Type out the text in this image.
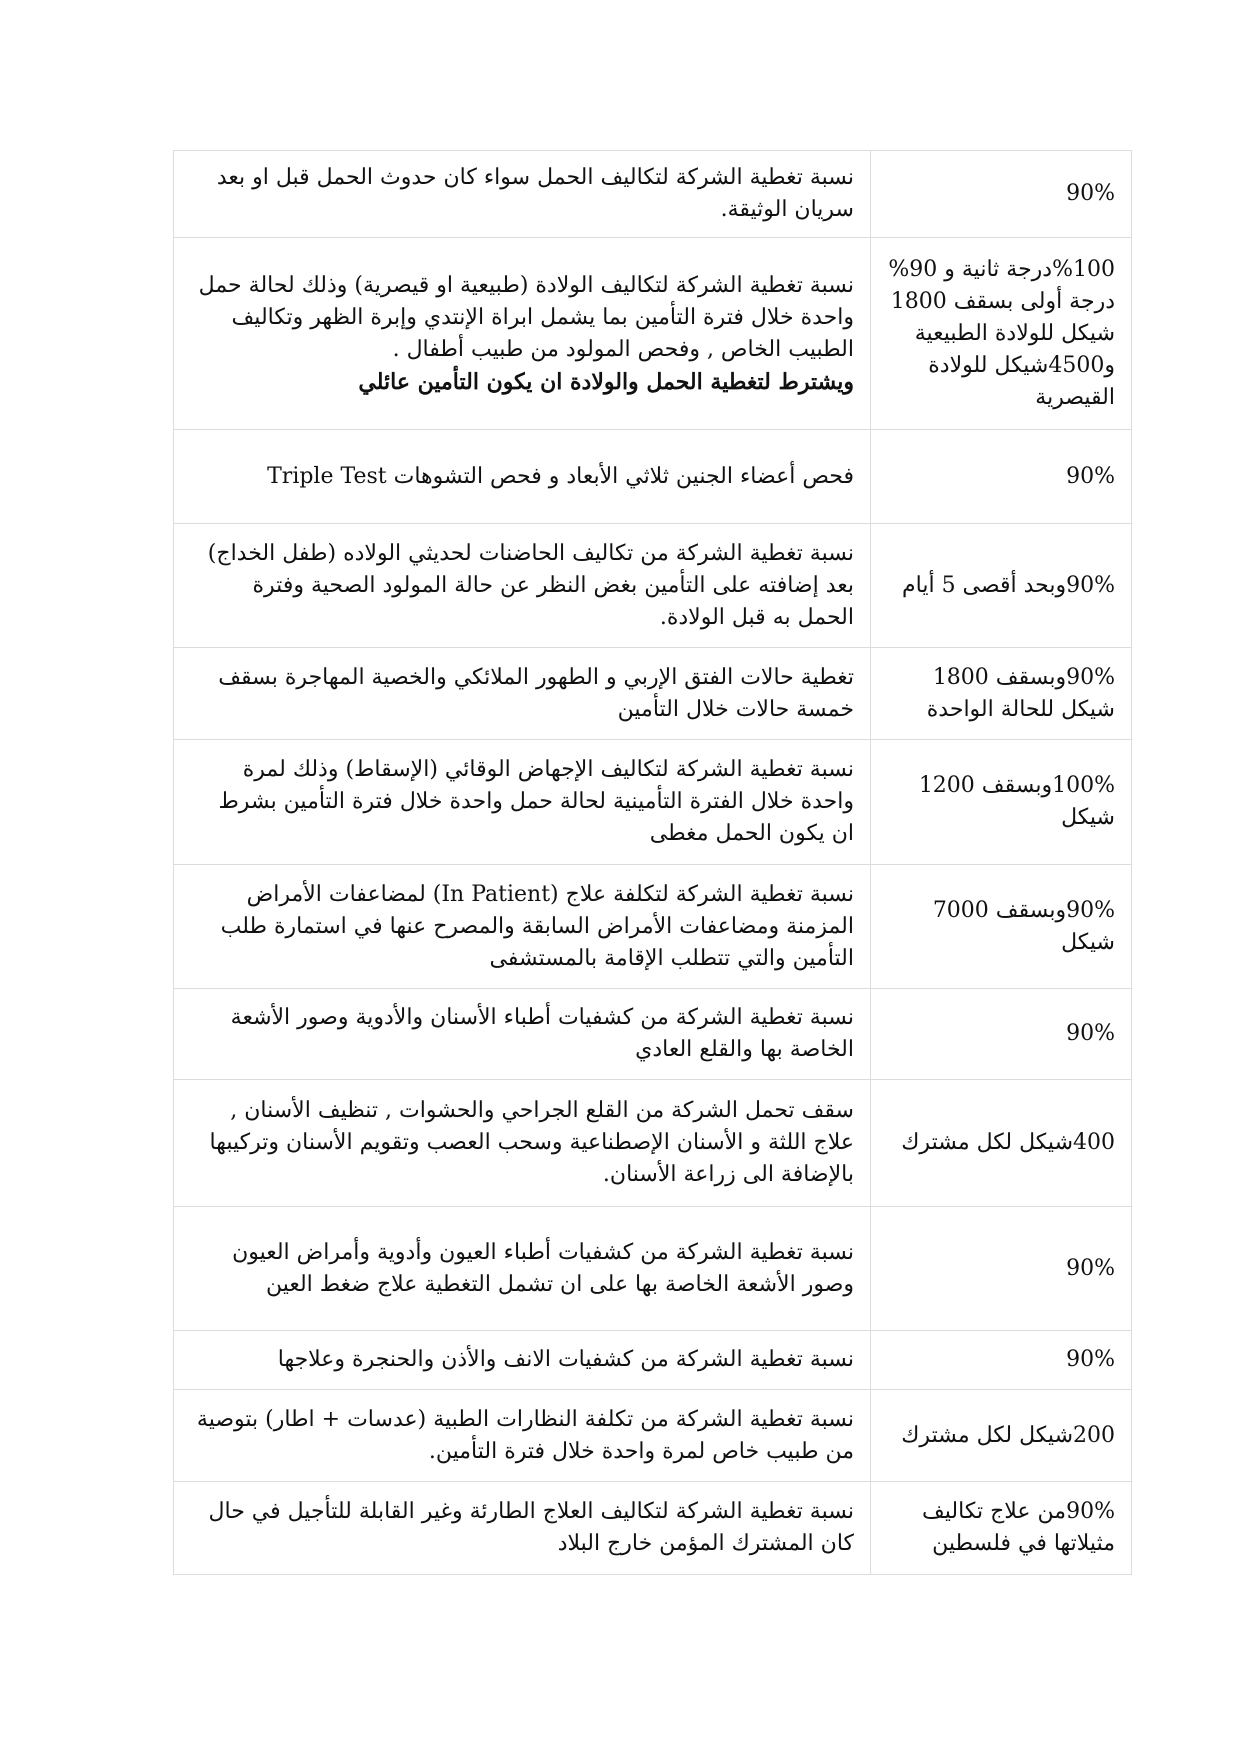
90%	نسبة تغطية الشركة لتكاليف الحمل سواء كان حدوث الحمل قبل او بعد سريان الوثيقة.
%100درجة ثانية و 90% درجة أولى بسقف 1800 شيكل للولادة الطبيعية و4500شيكل للولادة القيصرية	نسبة تغطية الشركة لتكاليف الولادة (طبيعية او قيصرية) وذلك لحالة حمل واحدة خلال فترة التأمين بما يشمل ابراة الإنتدي وإبرة الظهر وتكاليف الطبيب الخاص , وفحص المولود من طبيب أطفال .
ويشترط لتغطية الحمل والولادة ان يكون التأمين عائلي

90%	فحص أعضاء الجنين ثلاثي الأبعاد و فحص التشوهات Triple Test
90%وبحد أقصى 5 أيام	نسبة تغطية الشركة من تكاليف الحاضنات لحديثي الولاده (طفل الخداج) بعد إضافته على التأمين بغض النظر عن حالة المولود الصحية وفترة الحمل به قبل الولادة.
90%وبسقف 1800 شيكل للحالة الواحدة	تغطية حالات الفتق الإربي و الطهور الملائكي والخصية المهاجرة بسقف خمسة حالات خلال التأمين
100%وبسقف 1200 شيكل	نسبة تغطية الشركة لتكاليف الإجهاض الوقائي (الإسقاط) وذلك لمرة واحدة خلال الفترة التأمينية لحالة حمل واحدة خلال فترة التأمين بشرط ان يكون الحمل مغطى
90%وبسقف 7000 شيكل	نسبة تغطية الشركة لتكلفة علاج (In Patient) لمضاعفات الأمراض المزمنة ومضاعفات الأمراض السابقة والمصرح عنها في استمارة طلب التأمين والتي تتطلب الإقامة بالمستشفى
90%	نسبة تغطية الشركة من كشفيات أطباء الأسنان والأدوية وصور الأشعة الخاصة بها والقلع العادي
400شيكل لكل مشترك	سقف تحمل الشركة من القلع الجراحي والحشوات , تنظيف الأسنان , علاج اللثة و الأسنان الإصطناعية وسحب العصب وتقويم الأسنان وتركيبها بالإضافة الى زراعة الأسنان.
90%	نسبة تغطية الشركة من كشفيات أطباء العيون وأدوية وأمراض العيون وصور الأشعة الخاصة بها على ان تشمل التغطية علاج ضغط العين
90%	نسبة تغطية الشركة من كشفيات الانف والأذن والحنجرة وعلاجها
200شيكل لكل مشترك	نسبة تغطية الشركة من تكلفة النظارات الطبية (عدسات + اطار) بتوصية من طبيب خاص لمرة واحدة خلال فترة التأمين.
90%من علاج تكاليف مثيلاتها في فلسطين	نسبة تغطية الشركة لتكاليف العلاج الطارئة وغير القابلة للتأجيل في حال كان المشترك المؤمن خارج البلاد
